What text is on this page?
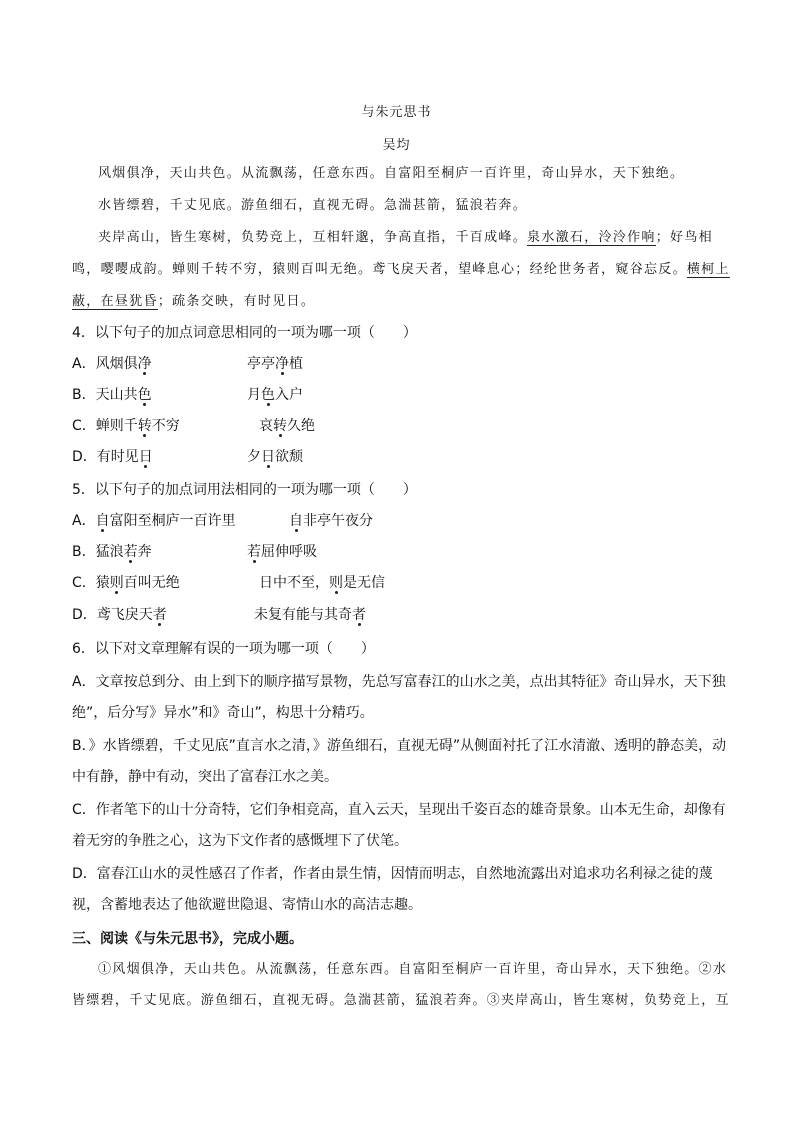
与朱元思书
吴均

风烟俱净，天山共色。从流飘荡，任意东西。自富阳至桐庐一百许里，奇山异水，天下独绝。

水皆缥碧，千丈见底。游鱼细石，直视无碍。急湍甚箭，猛浪若奔。

夹岸高山，皆生寒树，负势竞上，互相轩邈，争高直指，千百成峰。泉水激石，泠泠作响；好鸟相鸣，嘤嘤成韵。蝉则千转不穷，猿则百叫无绝。鸢飞戾天者，望峰息心；经纶世务者，窥谷忘反。横柯上蔽，在昼犹昏；疏条交映，有时见日。

4．以下句子的加点词意思相同的一项为哪一项（　　）
A．风烟俱净	亭亭净植
B．天山共色	月色入户
C．蝉则千转不穷	哀转久绝
D．有时见日	夕日欲颓
5．以下句子的加点词用法相同的一项为哪一项（　　）
A．自富阳至桐庐一百许里	自非亭午夜分
B．猛浪若奔	若屈伸呼吸
C．猿则百叫无绝	日中不至，则是无信
D．鸢飞戾天者	未复有能与其奇者
6．以下对文章理解有误的一项为哪一项（　　）
A．文章按总到分、由上到下的顺序描写景物，先总写富春江的山水之美，点出其特征》奇山异水，天下独绝”，后分写》异水”和》奇山”，构思十分精巧。
B．》水皆缥碧，千丈见底”直言水之清，》游鱼细石，直视无碍”从侧面衬托了江水清澈、透明的静态美，动中有静，静中有动，突出了富春江水之美。
C．作者笔下的山十分奇特，它们争相竞高，直入云天，呈现出千姿百态的雄奇景象。山本无生命，却像有着无穷的争胜之心，这为下文作者的感慨埋下了伏笔。
D．富春江山水的灵性感召了作者，作者由景生情，因情而明志，自然地流露出对追求功名利禄之徒的蔑视，含蓄地表达了他欲避世隐退、寄情山水的高洁志趣。
三、阅读《与朱元思书》，完成小题。

①风烟俱净，天山共色。从流飘荡，任意东西。自富阳至桐庐一百许里，奇山异水，天下独绝。②水皆缥碧，千丈见底。游鱼细石，直视无碍。急湍甚箭，猛浪若奔。③夹岸高山，皆生寒树，负势竞上，互
